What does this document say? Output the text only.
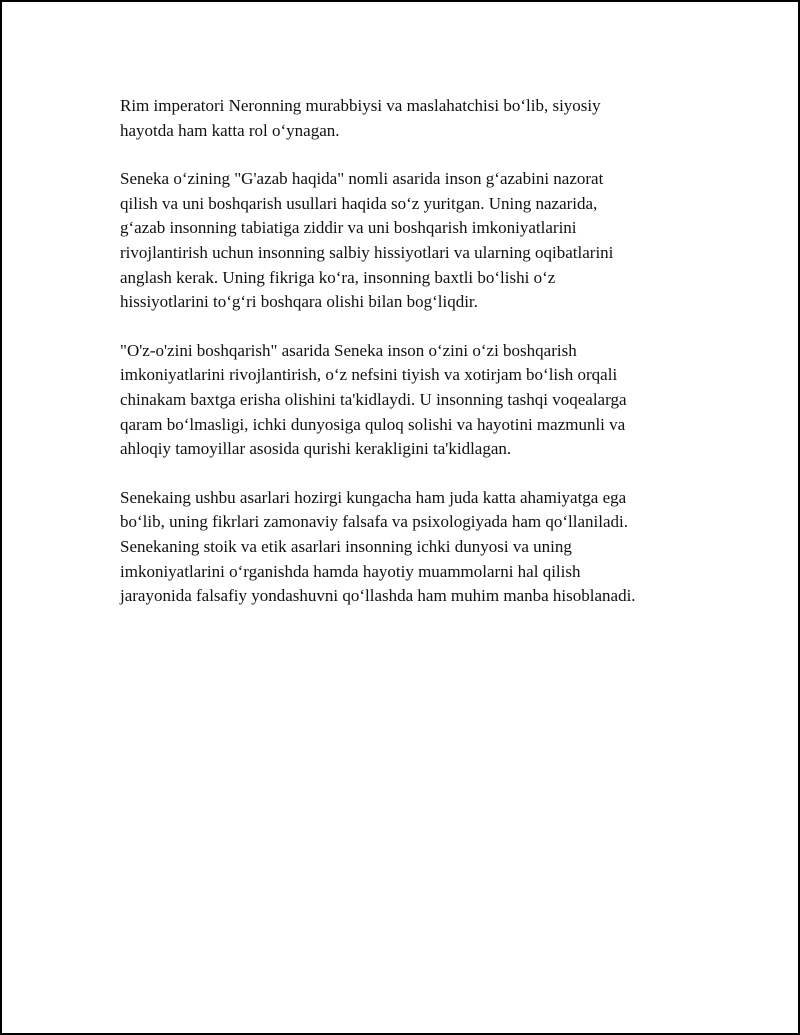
Rim imperatori Neronning murabbiysi va maslahatchisi bo‘lib, siyosiy
hayotda ham katta rol o‘ynagan.

Seneka o‘zining "G'azab haqida" nomli asarida inson g‘azabini nazorat
qilish va uni boshqarish usullari haqida so‘z yuritgan. Uning nazarida,
g‘azab insonning tabiatiga ziddir va uni boshqarish imkoniyatlarini
rivojlantirish uchun insonning salbiy hissiyotlari va ularning oqibatlarini
anglash kerak. Uning fikriga ko‘ra, insonning baxtli bo‘lishi o‘z
hissiyotlarini to‘g‘ri boshqara olishi bilan bog‘liqdir.

"O'z-o'zini boshqarish" asarida Seneka inson o‘zini o‘zi boshqarish
imkoniyatlarini rivojlantirish, o‘z nefsini tiyish va xotirjam bo‘lish orqali
chinakam baxtga erisha olishini ta'kidlaydi. U insonning tashqi voqealarga
qaram bo‘lmasligi, ichki dunyosiga quloq solishi va hayotini mazmunli va
ahloqiy tamoyillar asosida qurishi kerakligini ta'kidlagan.

Senekaing ushbu asarlari hozirgi kungacha ham juda katta ahamiyatga ega
bo‘lib, uning fikrlari zamonaviy falsafa va psixologiyada ham qo‘llaniladi.
Senekaning stoik va etik asarlari insonning ichki dunyosi va uning
imkoniyatlarini o‘rganishda hamda hayotiy muammolarni hal qilish
jarayonida falsafiy yondashuvni qo‘llashda ham muhim manba hisoblanadi.
